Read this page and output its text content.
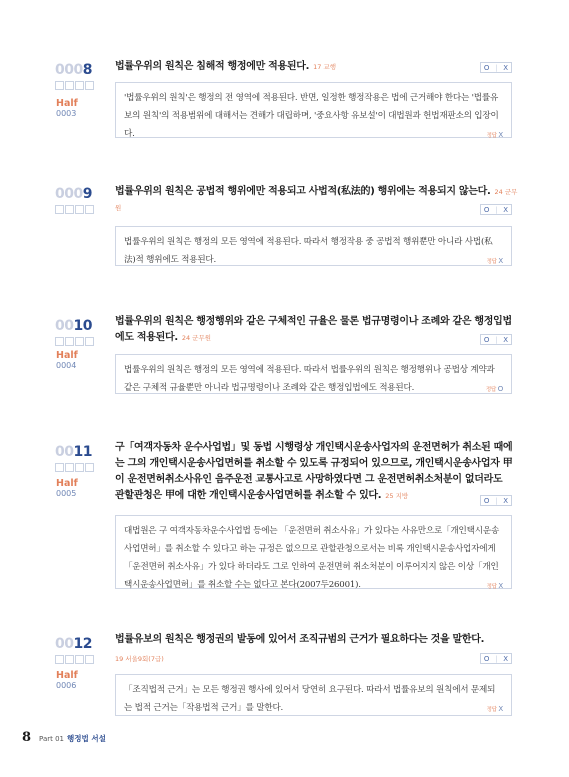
0008
Half
0003
법률우위의 원칙은 침해적 행정에만 적용된다. 17 교행	O | X
'법률우위의 원칙'은 행정의 전 영역에 적용된다. 반면, 일정한 행정작용은 법에 근거해야 한다는 '법률유보의 원칙'의 적용범위에 대해서는 견해가 대립하며, '중요사항 유보설'이 대법원과 헌법재판소의 입장이다.	정답 X
0009	법률우위의 원칙은 공법적 행위에만 적용되고 사법적(私法的) 행위에는 적용되지 않는다. 24 군무원	O | X
법률우위의 원칙은 행정의 모든 영역에 적용된다. 따라서 행정작용 중 공법적 행위뿐만 아니라 사법(私法)적 행위에도 적용된다.	정답 X
0010
Half
0004
법률우위의 원칙은 행정행위와 같은 구체적인 규율은 물론 법규명령이나 조례와 같은 행정입법에도 적용된다. 24 군무원	O | X
법률우위의 원칙은 행정의 모든 영역에 적용된다. 따라서 법률우위의 원칙은 행정행위나 공법상 계약과 같은 구체적 규율뿐만 아니라 법규명령이나 조례와 같은 행정입법에도 적용된다.	정답 O
0011
Half
0005
구「여객자동차 운수사업법」및 동법 시행령상 개인택시운송사업자의 운전면허가 취소된 때에는 그의 개인택시운송사업면허를 취소할 수 있도록 규정되어 있으므로, 개인택시운송사업자 甲이 운전면허취소사유인 음주운전 교통사고로 사망하였다면 그 운전면허취소처분이 없더라도 관할관청은 甲에 대한 개인택시운송사업면허를 취소할 수 있다. 25 지방
O | X
대법원은 구 여객자동차운수사업법 등에는 「운전면허 취소사유」가 있다는 사유만으로「개인택시운송사업면허」를 취소할 수 있다고 하는 규정은 없으므로 관할관청으로서는 비록 개인택시운송사업자에게「운전면허 취소사유」가 있다 하더라도 그로 인하여 운전면허 취소처분이 이루어지지 않은 이상「개인택시운송사업면허」를 취소할 수는 없다고 본다(2007두26001).	정답 X
0012
Half
0006
법률유보의 원칙은 행정권의 발동에 있어서 조직규범의 근거가 필요하다는 것을 말한다.
19 서울9회(7급)	O | X
「조직법적 근거」는 모든 행정권 행사에 있어서 당연히 요구된다. 따라서 법률유보의 원칙에서 문제되는 법적 근거는「작용법적 근거」를 말한다.	정답 X
8 Part 01 행정법 서설
